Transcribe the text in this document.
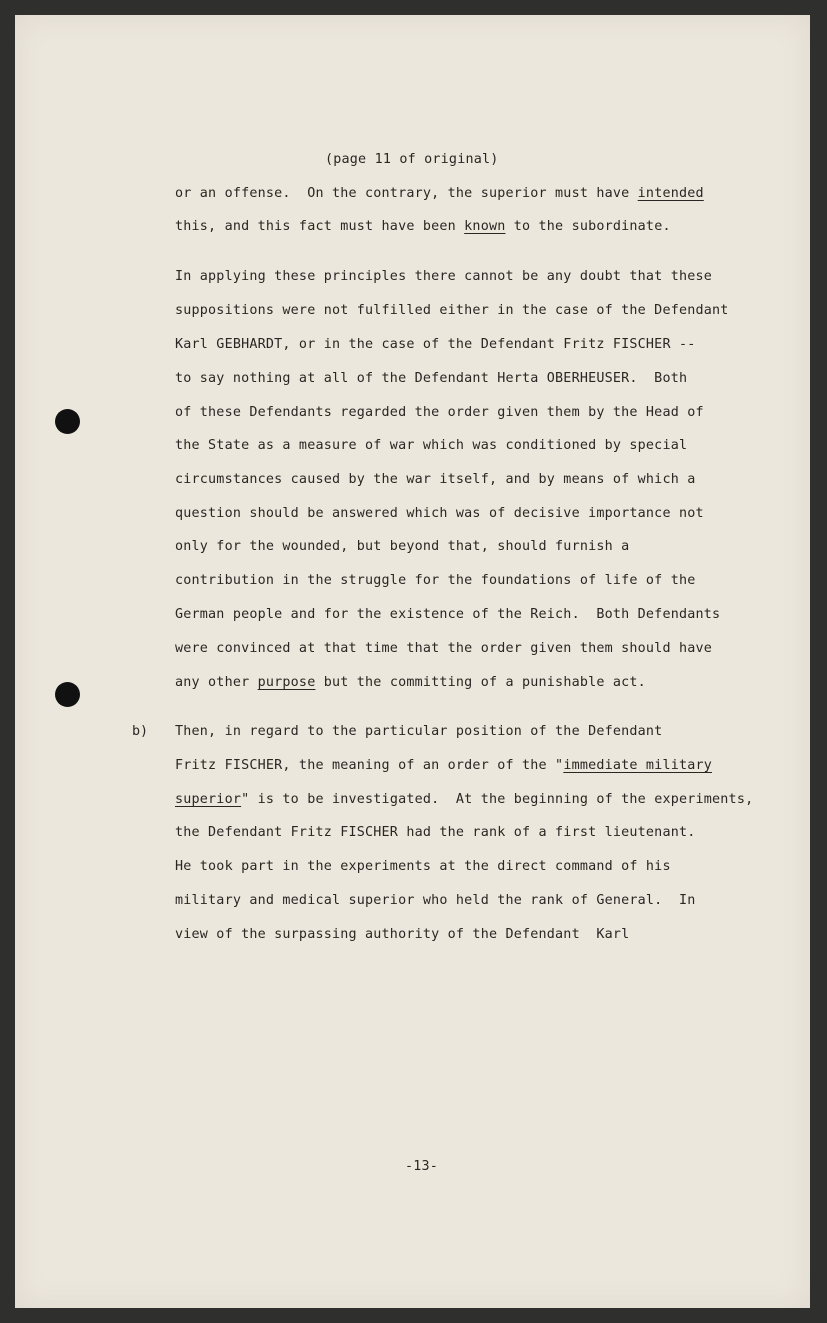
(page 11 of original)
or an offense.  On the contrary, the superior must have intended
this, and this fact must have been known to the subordinate.
In applying these principles there cannot be any doubt that these
suppositions were not fulfilled either in the case of the Defendant
Karl GEBHARDT, or in the case of the Defendant Fritz FISCHER --
to say nothing at all of the Defendant Herta OBERHEUSER.  Both
of these Defendants regarded the order given them by the Head of
the State as a measure of war which was conditioned by special
circumstances caused by the war itself, and by means of which a
question should be answered which was of decisive importance not
only for the wounded, but beyond that, should furnish a
contribution in the struggle for the foundations of life of the
German people and for the existence of the Reich.  Both Defendants
were convinced at that time that the order given them should have
any other purpose but the committing of a punishable act.
b) Then, in regard to the particular position of the Defendant
Fritz FISCHER, the meaning of an order of the "immediate military
superior" is to be investigated.  At the beginning of the experiments,
the Defendant Fritz FISCHER had the rank of a first lieutenant.
He took part in the experiments at the direct command of his
military and medical superior who held the rank of General.  In
view of the surpassing authority of the Defendant  Karl
-13-
